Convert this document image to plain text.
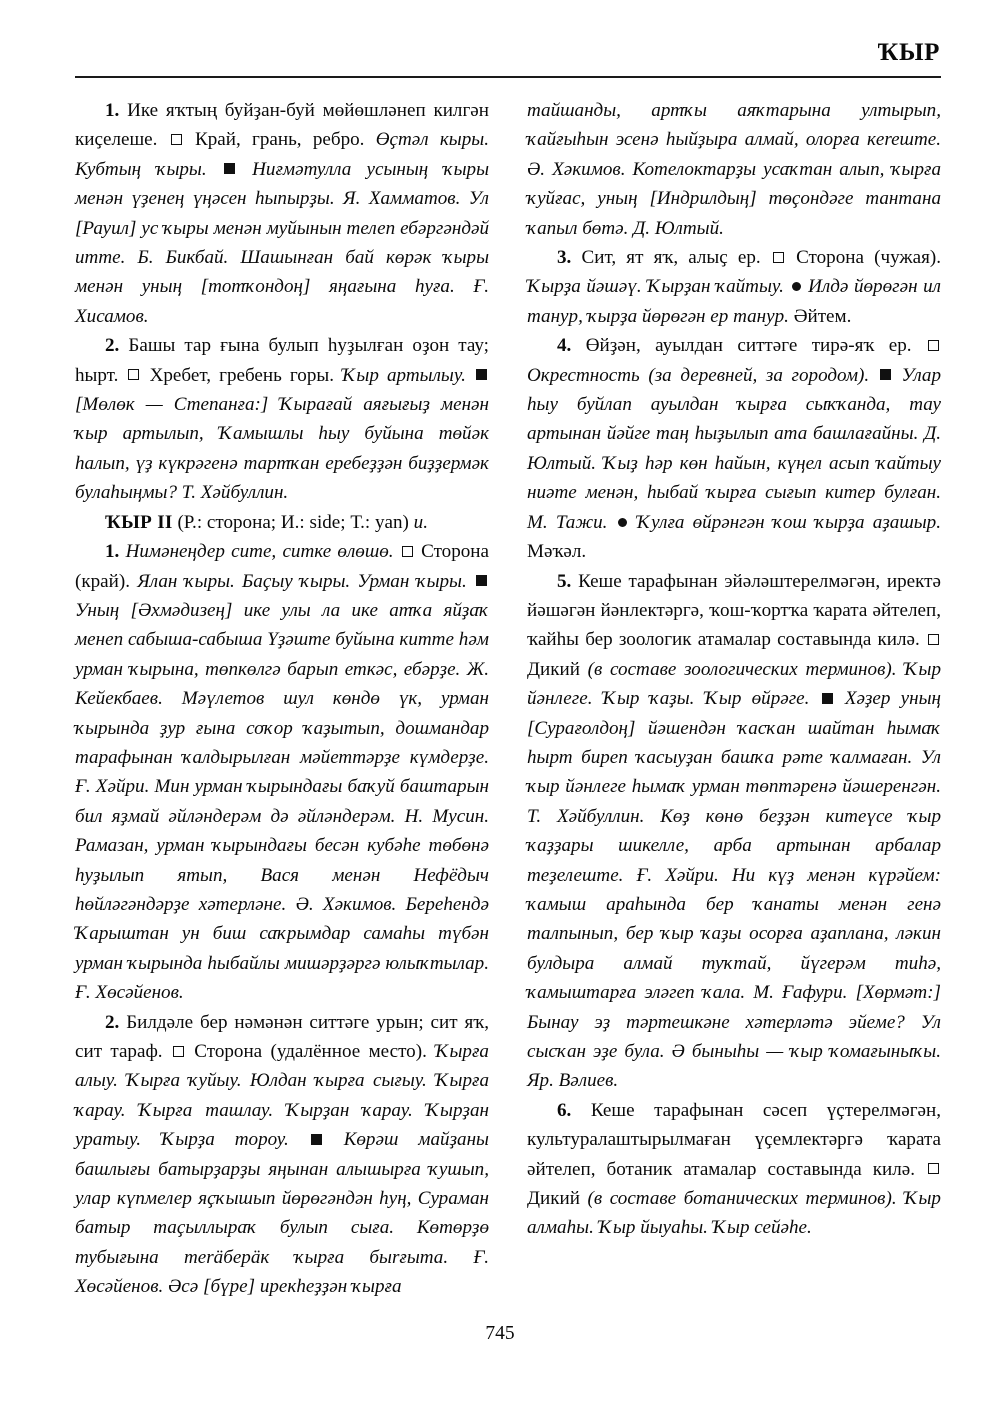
ҠЫР

1. Ике яҡтың буйҙан-буй мөйөшләнеп килгән киҫелеше. Край, грань, ребро. Өҫтәл кыры. Кубтың ҡыры. Ниғмәтулла усының ҡыры менән үҙенең үңәсен һыпырҙы. Я. Хамматов. Ул [Рауил] ус ҡыры менән муйынын телеп ебәргәндәй итте. Б. Бикбай. Шашынған бай көрәк ҡыры менән уның [тотҡондоң] яңағына һуға. Ғ. Хисамов.

2. Башы тар ғына булып һуҙылған оҙон тау; һырт. Хребет, гребень горы. Ҡыр артылыу.  [Мөлөк — Степанға:] Ҡырағай аяғығыҙ менән ҡыр артылып, Ҡамышлы һыу буйына төйәк һалып, үҙ күкрәгенә тартҡан еребеҙҙән биҙҙермәк булаһыңмы? Т. Хәйбуллин.

ҠЫР II (Р.: сторона; И.: side; Т.: yan) и.

1. Нимәнеңдер сите, ситке өлөшө. Сторона (край). Ялан ҡыры. Баҫыу ҡыры. Урман ҡыры.  Уның [Әхмәдизең] ике улы ла ике атҡа яйҙаҡ менеп сабыша-сабыша Үҙәште буйына китте һәм урман ҡырына, төпкөлгә барып еткәс, ебәрҙе. Ж. Кейекбаев. Мәүлетов шул көндө үк, урман ҡырында ҙур ғына соҡор ҡаҙытып, дошмандар тарафынан ҡалдырылған мәйеттәрҙе күмдерҙе. Ғ. Хәйри. Мин урман ҡырындағы баҡуй баштарын бил яҙмай әйләндерәм дә әйләндерәм. Н. Мусин. Рамазан, урман ҡырындағы бесән кубәһе төбөнә һуҙылып ятып, Вася менән Нефёдыч һөйләгәндәрҙе хәтерләне. Ә. Хәкимов. Береһендә Ҡарыштан ун биш саҡрымдар самаһы түбән урман ҡырында һыбайлы мишәрҙәргә юлыҡтылар. Ғ. Хөсәйенов.

2. Билдәле бер нәмәнән ситтәге урын; сит яҡ, сит тараф. Сторона (удалённое место). Ҡырға алыу. Ҡырға ҡуйыу. Юлдан ҡырға сығыу. Ҡырға ҡарау. Ҡырға ташлау. Ҡырҙан ҡарау. Ҡырҙан уратыу. Ҡырҙа тороу.	Көрәш майҙаны башлығы батырҙарҙы яңынан алышырға ҡушып, улар күпмелер яҫҡышып йөрөгәндән һуң, Сураман батыр таҫыллыраҡ булып сыға. Көтөрҙө тубығына теräберäк ҡырға быrғыта. Ғ. Хөсәйенов. Әсә [бүре] ирекһеҙҙән ҡырға

тайшанды, артҡы аяҡтарына ултырып, ҡайғыһын эсенә һыйҙыра алмай, олорға кereште. Ә. Хәкимов. Котелоктарҙы усаҡтан алып, ҡырға ҡуйғас, уның [Индрилдың] төҫондәге тантана ҡапыл бөтә. Д. Юлтый.

3. Сит, ят яҡ, алыҫ ер. Сторона (чужая). Ҡырҙа йәшәү. Ҡырҙан ҡайтыу. Илдә йөрөгән ил танyр, ҡырҙа йөрөгән ер танyр. Әйтем.

4. Өйҙән, ауылдан ситтәге тирә-яҡ ер.  Окрестность (за деревней, за городом). Улар һыу буйлап ауылдан ҡырға сыҡҡанда, тау артынан йәйге таң һыҙылып ата башлағайны. Д. Юлтый. Ҡыҙ һәр көн һайын, күңел асып ҡайтыу ниәте менән, һыбай ҡырға сығып китер булған. М. Тажи. Ҡулға өйрәнгән ҡош ҡырҙа аҙашыр. Мәҡәл.

5. Кеше тарафынан эйәләштерелмәгән, иректә йәшәгән йәнлектәргә, ҡош-ҡортҡа ҡарата әйтелеп, ҡайһы бер зоологик атамалар составында килә.  Дикий (в составе зоологических терминов). Ҡыр йәнлеге. Ҡыр ҡаҙы. Ҡыр өйрәге. Хәҙер уның [Сурағолдоң] йәшендән ҡасҡан шайтан һымаҡ һырт биреп ҡасыуҙан башҡа рәте ҡалмаған. Ул ҡыр йәнлеге һымаҡ урман төптәренә йәшеренгән. Т. Хәйбуллин. Көҙ көнө беҙҙән китеүсе ҡыр ҡаҙҙары шикелле, арба артынан арбалар теҙелеште. Ғ. Хәйри. Ни күҙ менән күрәйем: ҡамыш араһында бер ҡанаты менән генә талпынып, бер ҡыр ҡаҙы осорға аҙаплана, ләкин булдыра алмай туҡтай, йүгерәм тиһә, ҡамыштарға эләгеп ҡала. М. Ғафури. [Хөрмәт:] Бынау эҙ тәртешкәне хәтерләтә эйеме? Ул сысҡан эҙе була. Ә быныһы — ҡыр ҡомағыныҡы. Яр. Вәлиев.

6. Кеше тарафынан сәсеп үҫтерелмәгән, культуралаштырылмаған үҫемлектәргә ҡарата әйтелеп, ботаник атамалар составында килә.  Дикий (в составе ботанических терминов). Ҡыр алмаһы. Ҡыр йыуаһы. Ҡыр сейәһе.

745
